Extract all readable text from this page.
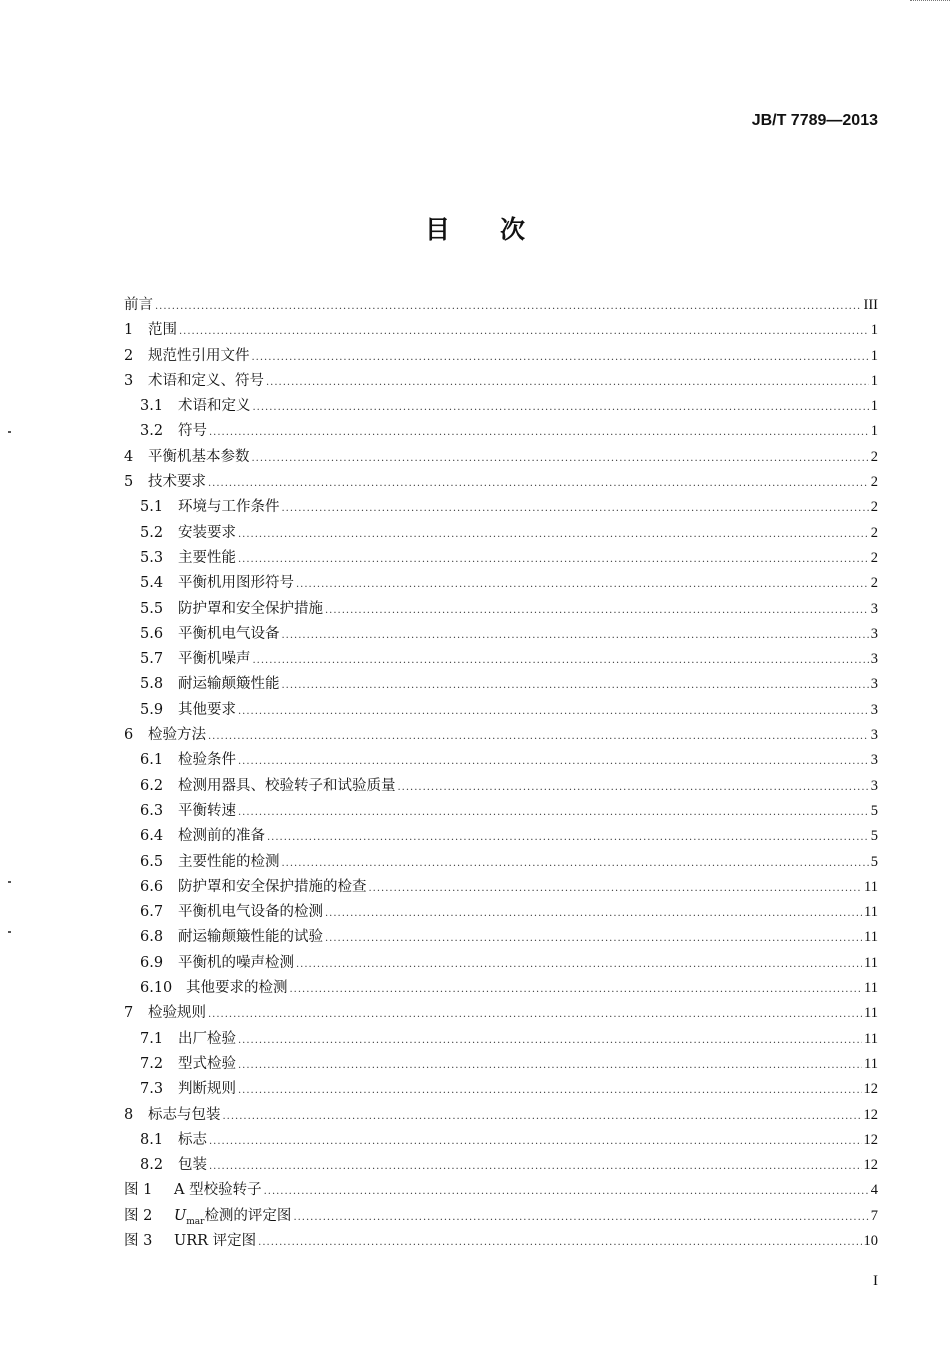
JB/T 7789—2013
目次
前言 .....	III
1	范围 .....	1
2	规范性引用文件 .....	1
3	术语和定义、符号 .....	1
3.1	术语和定义 .....	1
3.2	符号 .....	1
4	平衡机基本参数 .....	2
5	技术要求 .....	2
5.1	环境与工作条件 .....	2
5.2	安装要求 .....	2
5.3	主要性能 .....	2
5.4	平衡机用图形符号 .....	2
5.5	防护罩和安全保护措施 .....	3
5.6	平衡机电气设备 .....	3
5.7	平衡机噪声 .....	3
5.8	耐运输颠簸性能 .....	3
5.9	其他要求 .....	3
6	检验方法 .....	3
6.1	检验条件 .....	3
6.2	检测用器具、校验转子和试验质量 .....	3
6.3	平衡转速 .....	5
6.4	检测前的准备 .....	5
6.5	主要性能的检测 .....	5
6.6	防护罩和安全保护措施的检查 .....	11
6.7	平衡机电气设备的检测 .....	11
6.8	耐运输颠簸性能的试验 .....	11
6.9	平衡机的噪声检测 .....	11
6.10 其他要求的检测 .....	11
7	检验规则 .....	11
7.1	出厂检验 .....	11
7.2	型式检验 .....	11
7.3	判断规则 .....	12
8	标志与包装 .....	12
8.1	标志 .....	12
8.2	包装 .....	12
图 1	A 型校验转子 .....	4
图 2	$U_{mar}$检测的评定图 .....	7
图 3	URR 评定图 .....	10
I
